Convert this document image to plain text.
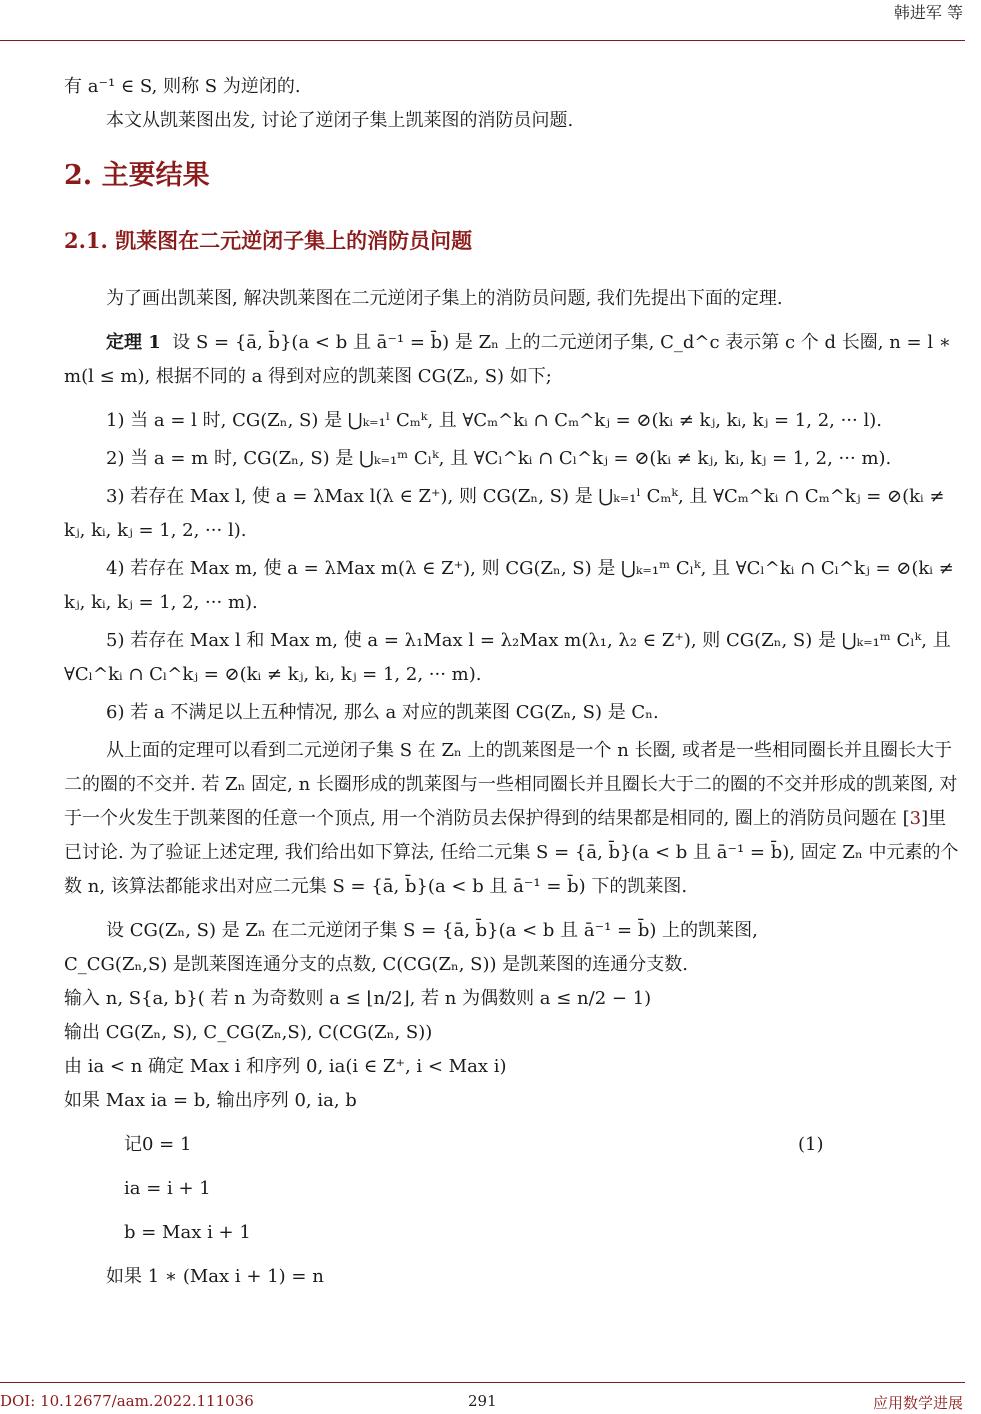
韩进军 等

有 a⁻¹ ∈ S, 则称 S 为逆闭的.

本文从凯莱图出发, 讨论了逆闭子集上凯莱图的消防员问题.

2. 主要结果
2.1. 凯莱图在二元逆闭子集上的消防员问题

为了画出凯莱图, 解决凯莱图在二元逆闭子集上的消防员问题, 我们先提出下面的定理.

定理 1 设 S = {ā, b̄}(a < b 且 ā⁻¹ = b̄) 是 Zₙ 上的二元逆闭子集, C_d^c 表示第 c 个 d 长圈, n = l ∗ m(l ≤ m), 根据不同的 a 得到对应的凯莱图 CG(Zₙ, S) 如下;

1) 当 a = l 时, CG(Zₙ, S) 是 ⋃ₖ₌₁ˡ Cₘᵏ, 且 ∀Cₘ^kᵢ ∩ Cₘ^kⱼ = ⊘(kᵢ ≠ kⱼ, kᵢ, kⱼ = 1, 2, ··· l).

2) 当 a = m 时, CG(Zₙ, S) 是 ⋃ₖ₌₁ᵐ Cₗᵏ, 且 ∀Cₗ^kᵢ ∩ Cₗ^kⱼ = ⊘(kᵢ ≠ kⱼ, kᵢ, kⱼ = 1, 2, ··· m).

3) 若存在 Max l, 使 a = λMax l(λ ∈ Z⁺), 则 CG(Zₙ, S) 是 ⋃ₖ₌₁ˡ Cₘᵏ, 且 ∀Cₘ^kᵢ ∩ Cₘ^kⱼ = ⊘(kᵢ ≠ kⱼ, kᵢ, kⱼ = 1, 2, ··· l).

4) 若存在 Max m, 使 a = λMax m(λ ∈ Z⁺), 则 CG(Zₙ, S) 是 ⋃ₖ₌₁ᵐ Cₗᵏ, 且 ∀Cₗ^kᵢ ∩ Cₗ^kⱼ = ⊘(kᵢ ≠ kⱼ, kᵢ, kⱼ = 1, 2, ··· m).

5) 若存在 Max l 和 Max m, 使 a = λ₁Max l = λ₂Max m(λ₁, λ₂ ∈ Z⁺), 则 CG(Zₙ, S) 是 ⋃ₖ₌₁ᵐ Cₗᵏ, 且 ∀Cₗ^kᵢ ∩ Cₗ^kⱼ = ⊘(kᵢ ≠ kⱼ, kᵢ, kⱼ = 1, 2, ··· m).

6) 若 a 不满足以上五种情况, 那么 a 对应的凯莱图 CG(Zₙ, S) 是 Cₙ.

从上面的定理可以看到二元逆闭子集 S 在 Zₙ 上的凯莱图是一个 n 长圈, 或者是一些相同圈长并且圈长大于二的圈的不交并. 若 Zₙ 固定, n 长圈形成的凯莱图与一些相同圈长并且圈长大于二的圈的不交并形成的凯莱图, 对于一个火发生于凯莱图的任意一个顶点, 用一个消防员去保护得到的结果都是相同的, 圈上的消防员问题在 [3]里已讨论. 为了验证上述定理, 我们给出如下算法, 任给二元集 S = {ā, b̄}(a < b 且 ā⁻¹ = b̄), 固定 Zₙ 中元素的个数 n, 该算法都能求出对应二元集 S = {ā, b̄}(a < b 且 ā⁻¹ = b̄) 下的凯莱图.

设 CG(Zₙ, S) 是 Zₙ 在二元逆闭子集 S = {ā, b̄}(a < b 且 ā⁻¹ = b̄) 上的凯莱图,

C_CG(Zₙ,S) 是凯莱图连通分支的点数, C(CG(Zₙ, S)) 是凯莱图的连通分支数.

输入 n, S{a, b}( 若 n 为奇数则 a ≤ ⌊n/2⌋, 若 n 为偶数则 a ≤ n/2 − 1)

输出 CG(Zₙ, S), C_CG(Zₙ,S), C(CG(Zₙ, S))

由 ia < n 确定 Max i 和序列 0, ia(i ∈ Z⁺, i < Max i)

如果 Max ia = b, 输出序列 0, ia, b

记0 = 1	(1)
ia = i + 1
b = Max i + 1

如果 1 ∗ (Max i + 1) = n

DOI: 10.12677/aam.2022.111036	291	应用数学进展
